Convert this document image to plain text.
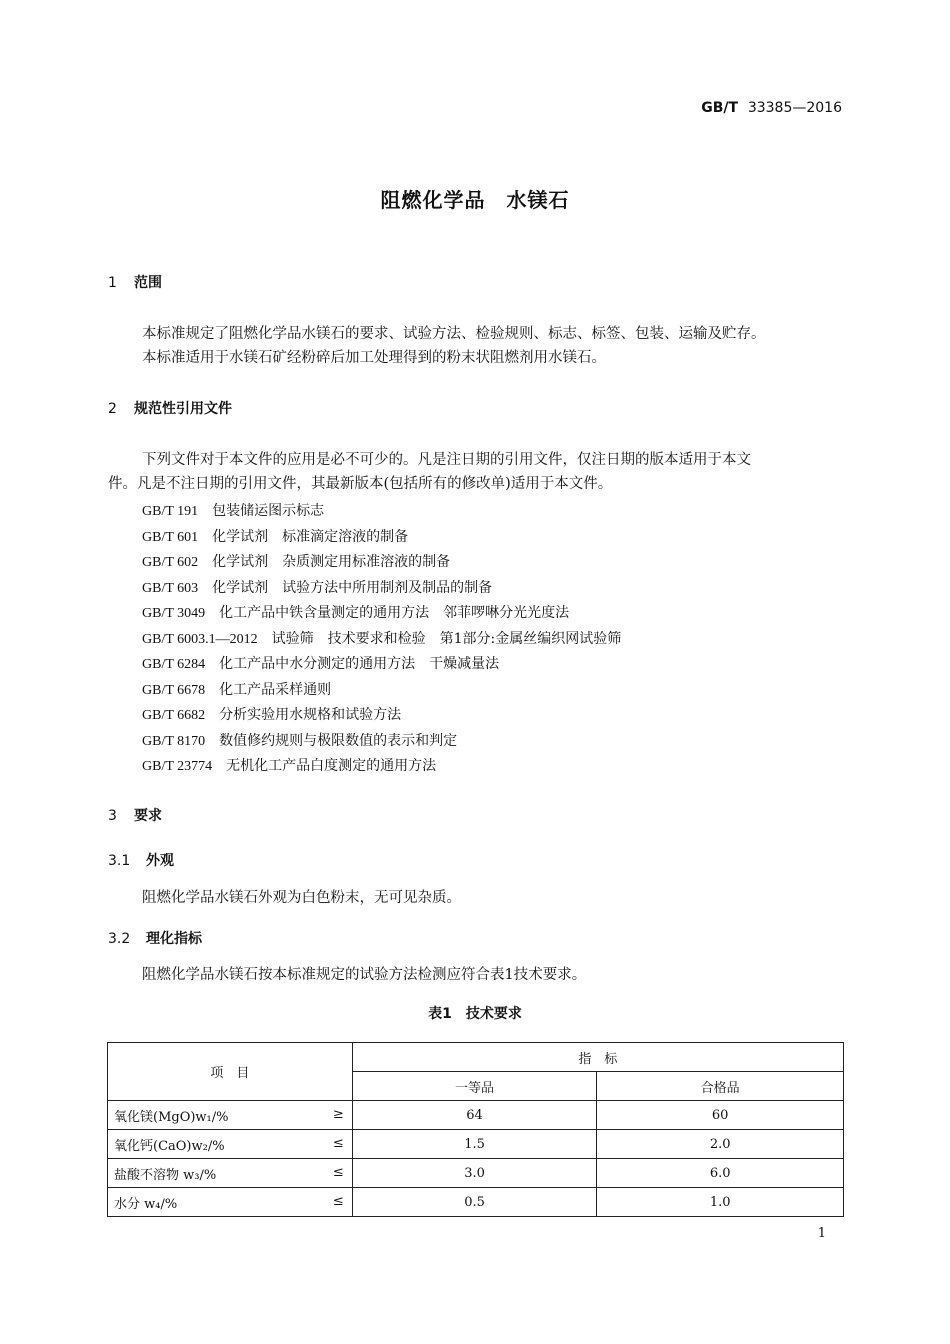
GB/T 33385—2016
阻燃化学品　水镁石
1 范围
本标准规定了阻燃化学品水镁石的要求、试验方法、检验规则、标志、标签、包装、运输及贮存。
本标准适用于水镁石矿经粉碎后加工处理得到的粉末状阻燃剂用水镁石。
2 规范性引用文件
下列文件对于本文件的应用是必不可少的。凡是注日期的引用文件，仅注日期的版本适用于本文
件。凡是不注日期的引用文件，其最新版本(包括所有的修改单)适用于本文件。
GB/T 191  包装储运图示标志
GB/T 601  化学试剂　标准滴定溶液的制备
GB/T 602  化学试剂　杂质测定用标准溶液的制备
GB/T 603  化学试剂　试验方法中所用制剂及制品的制备
GB/T 3049  化工产品中铁含量测定的通用方法　邻菲啰啉分光光度法
GB/T 6003.1—2012  试验筛　技术要求和检验　第1部分:金属丝编织网试验筛
GB/T 6284  化工产品中水分测定的通用方法　干燥减量法
GB/T 6678  化工产品采样通则
GB/T 6682  分析实验用水规格和试验方法
GB/T 8170  数值修约规则与极限数值的表示和判定
GB/T 23774  无机化工产品白度测定的通用方法
3 要求
3.1 外观
阻燃化学品水镁石外观为白色粉末，无可见杂质。
3.2 理化指标
阻燃化学品水镁石按本标准规定的试验方法检测应符合表1技术要求。
表1　技术要求
项　目	指　标	
	一等品	合格品
氧化镁(MgO)w₁/% ≥	64	60
氧化钙(CaO)w₂/% ≤	1.5	2.0
盐酸不溶物 w₃/% ≤	3.0	6.0
水分 w₄/% ≤	0.5	1.0
1
